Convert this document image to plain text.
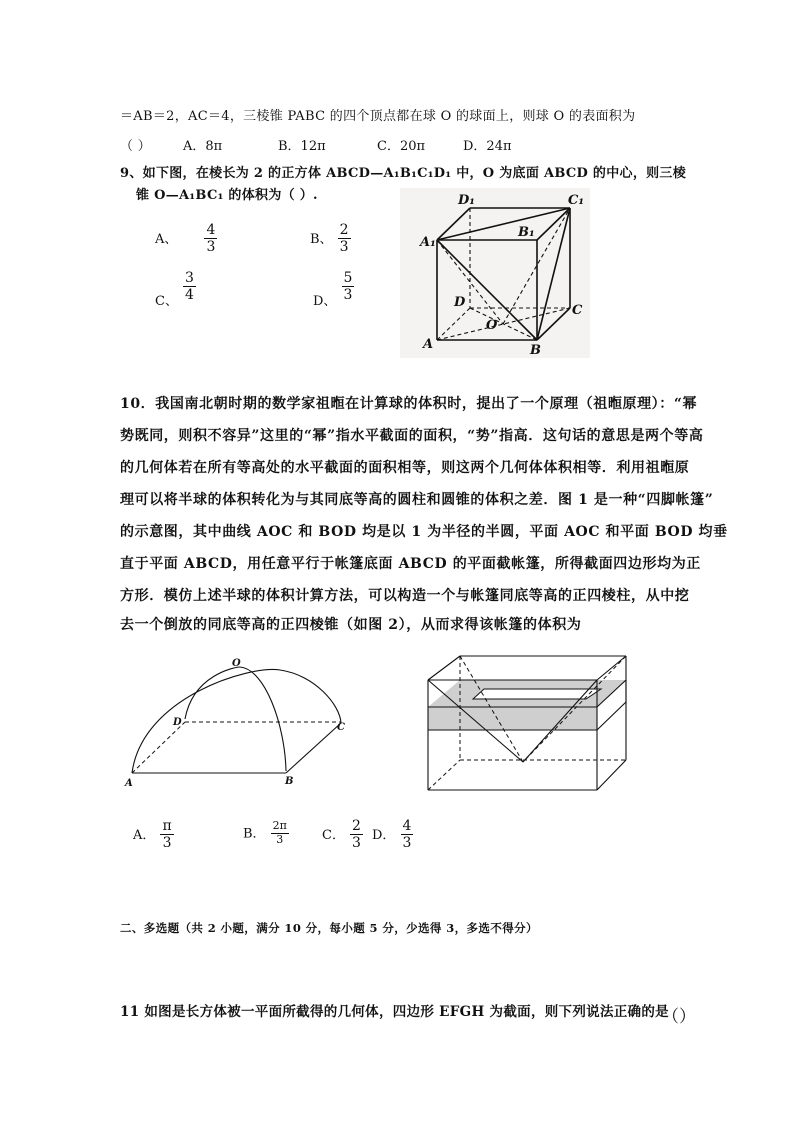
＝AB＝2，AC＝4，三棱锥 PABC 的四个顶点都在球 O 的球面上，则球 O 的表面积为
（ ） A．8π	B．12π	C．20π	D．24π
9、如下图，在棱长为 2 的正方体 ABCD—A₁B₁C₁D₁ 中，O 为底面 ABCD 的中心，则三棱
锥 O—A₁BC₁ 的体积为（ ）.
A、 $\frac{4}{3}$	B、 $\frac{2}{3}$
$_{C、} \frac{3}{4}$	$_{D、} \frac{5}{3}$
D₁	C₁
A₁
B₁
D
C
O
A	B
10．我国南北朝时期的数学家祖暅在计算球的体积时，提出了一个原理（祖暅原理）：“幂
势既同，则积不容异”这里的“幂”指水平截面的面积，“势”指高．这句话的意思是两个等高
的几何体若在所有等高处的水平截面的面积相等，则这两个几何体体积相等．利用祖暅原
理可以将半球的体积转化为与其同底等高的圆柱和圆锥的体积之差．图 1 是一种“四脚帐篷”
的示意图，其中曲线 AOC 和 BOD 均是以 1 为半径的半圆，平面 AOC 和平面 BOD 均垂
直于平面 ABCD，用任意平行于帐篷底面 ABCD 的平面截帐篷，所得截面四边形均为正
方形．模仿上述半球的体积计算方法，可以构造一个与帐篷同底等高的正四棱柱，从中挖
去一个倒放的同底等高的正四棱锥（如图 2），从而求得该帐篷的体积为
O
D	C
A	B
A． $\frac{\pi}{3}$	B． $\frac{2\pi}{3}$	C． $\frac{2}{3}$ D． $\frac{4}{3}$
二、多选题（共 2 小题，满分 10 分，每小题 5 分，少选得 3，多选不得分）
11 如图是长方体被一平面所截得的几何体，四边形 EFGH 为截面，则下列说法正确的是
（）
